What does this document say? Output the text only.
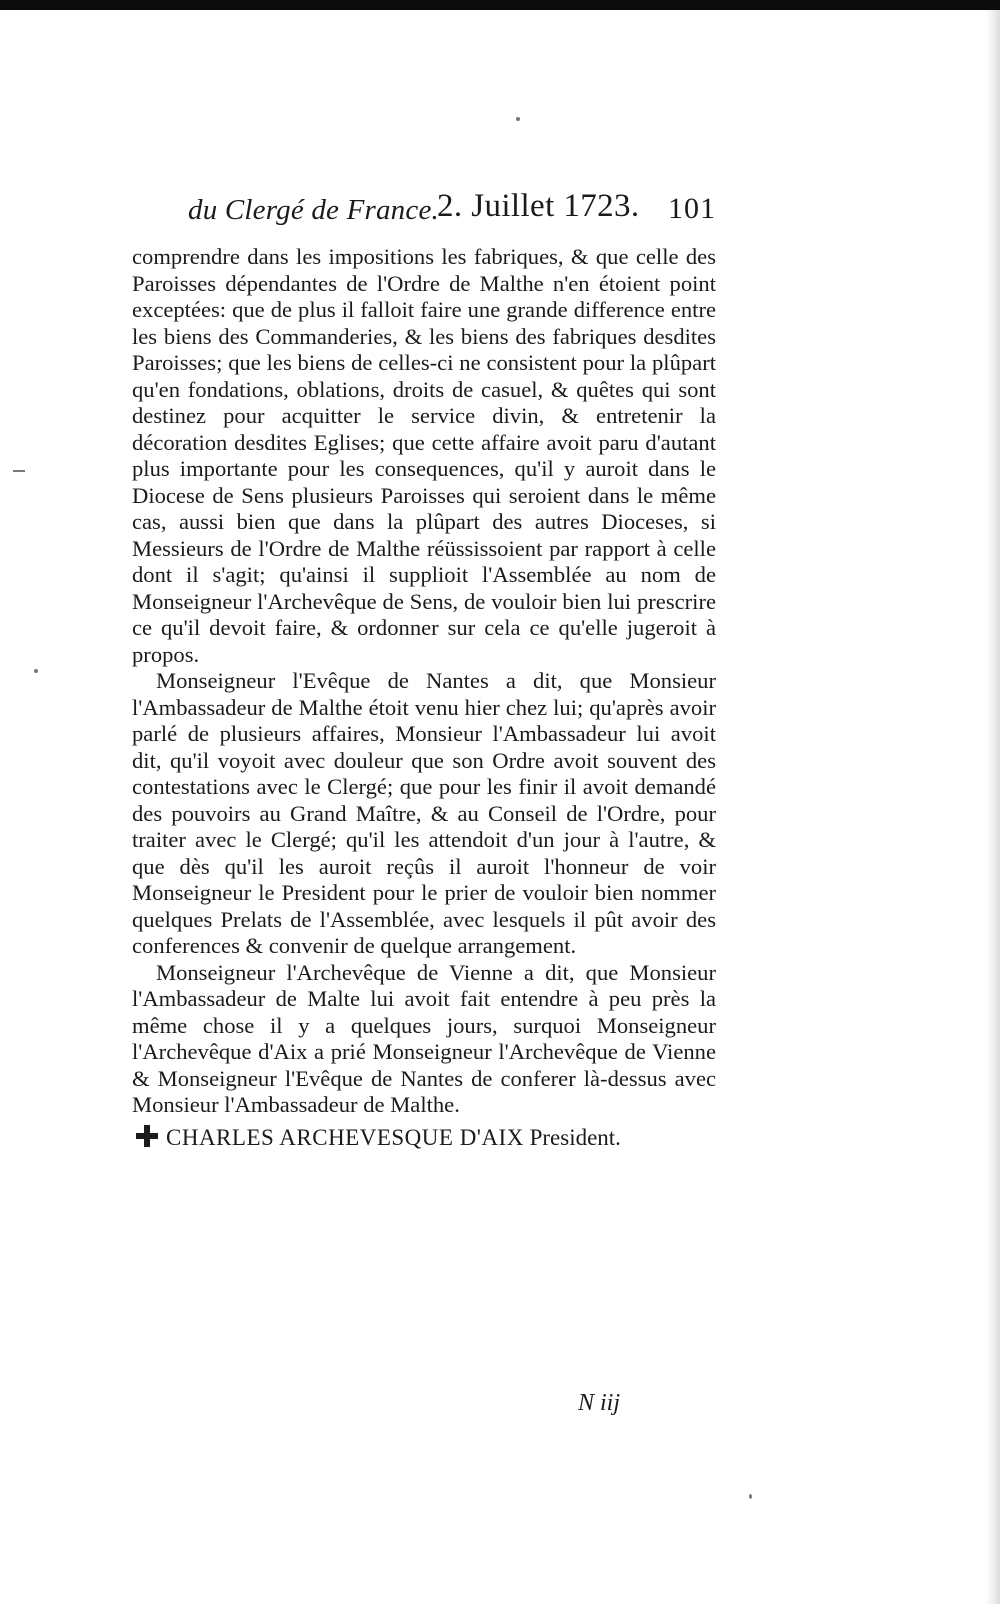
du Clergé de France.
2. Juillet 1723. 101

comprendre dans les impositions les fabriques, & que celle des Paroisses dépendantes de l'Ordre de Malthe n'en étoient point exceptées: que de plus il falloit faire une grande difference entre les biens des Commanderies, & les biens des fabriques desdites Paroisses; que les biens de celles-ci ne consistent pour la plûpart qu'en fondations, oblations, droits de casuel, & quêtes qui sont destinez pour acquitter le service divin, & entretenir la décoration desdites Eglises; que cette affaire avoit paru d'autant plus importante pour les consequences, qu'il y auroit dans le Diocese de Sens plusieurs Paroisses qui seroient dans le même cas, aussi bien que dans la plûpart des autres Dioceses, si Messieurs de l'Ordre de Malthe réüssissoient par rapport à celle dont il s'agit; qu'ainsi il supplioit l'Assemblée au nom de Monseigneur l'Archevêque de Sens, de vouloir bien lui prescrire ce qu'il devoit faire, & ordonner sur cela ce qu'elle jugeroit à propos.

Monseigneur l'Evêque de Nantes a dit, que Monsieur l'Ambassadeur de Malthe étoit venu hier chez lui; qu'après avoir parlé de plusieurs affaires, Monsieur l'Ambassadeur lui avoit dit, qu'il voyoit avec douleur que son Ordre avoit souvent des contestations avec le Clergé; que pour les finir il avoit demandé des pouvoirs au Grand Maître, & au Conseil de l'Ordre, pour traiter avec le Clergé; qu'il les attendoit d'un jour à l'autre, & que dès qu'il les auroit reçûs il auroit l'honneur de voir Monseigneur le President pour le prier de vouloir bien nommer quelques Prelats de l'Assemblée, avec lesquels il pût avoir des conferences & convenir de quelque arrangement.

Monseigneur l'Archevêque de Vienne a dit, que Monsieur l'Ambassadeur de Malte lui avoit fait entendre à peu près la même chose il y a quelques jours, surquoi Monseigneur l'Archevêque d'Aix a prié Monseigneur l'Archevêque de Vienne & Monseigneur l'Evêque de Nantes de conferer là-dessus avec Monsieur l'Ambassadeur de Malthe.

CHARLES ARCHEVESQUE D'AIX President.
N iij
